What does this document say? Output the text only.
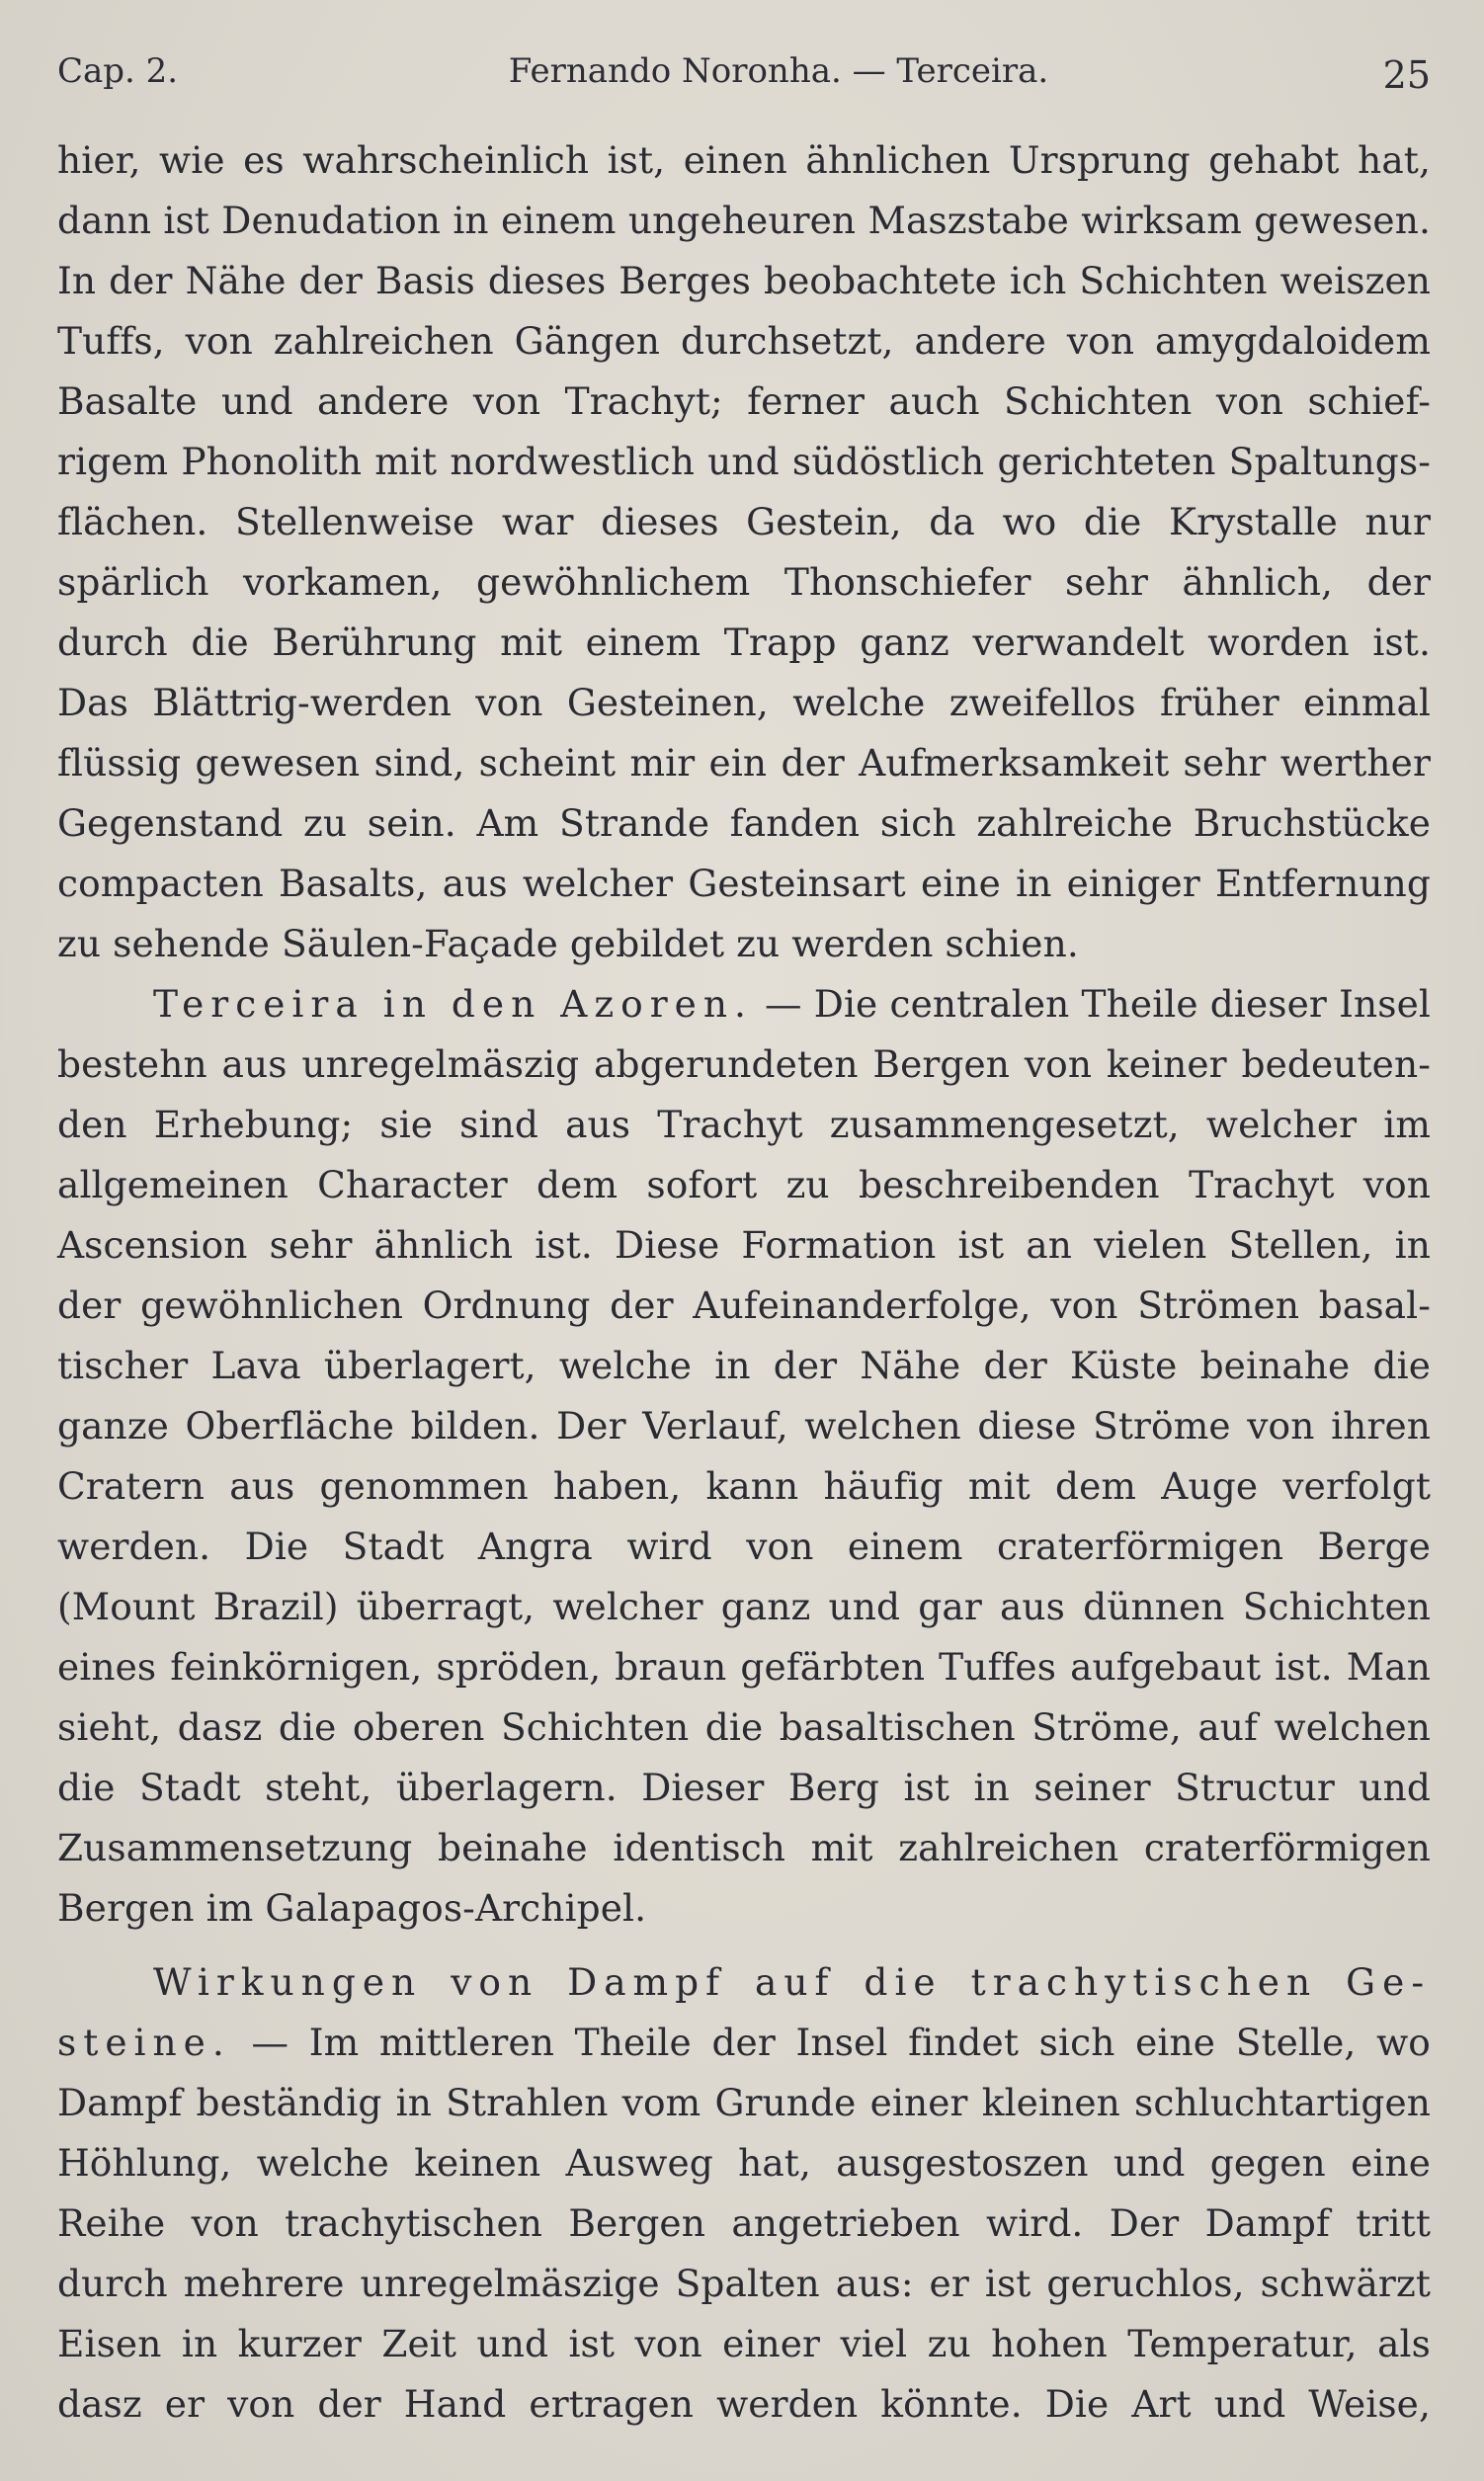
Cap. 2.	Fernando Noronha. — Terceira.	25
hier, wie es wahrscheinlich ist, einen ähnlichen Ursprung gehabt hat,
dann ist Denudation in einem ungeheuren Maszstabe wirksam gewesen.
In der Nähe der Basis dieses Berges beobachtete ich Schichten weiszen
Tuffs, von zahlreichen Gängen durchsetzt, andere von amygdaloidem
Basalte und andere von Trachyt; ferner auch Schichten von schief-
rigem Phonolith mit nordwestlich und südöstlich gerichteten Spaltungs-
flächen. Stellenweise war dieses Gestein, da wo die Krystalle nur
spärlich vorkamen, gewöhnlichem Thonschiefer sehr ähnlich, der
durch die Berührung mit einem Trapp ganz verwandelt worden ist.
Das Blättrig-werden von Gesteinen, welche zweifellos früher einmal
flüssig gewesen sind, scheint mir ein der Aufmerksamkeit sehr werther
Gegenstand zu sein. Am Strande fanden sich zahlreiche Bruchstücke
compacten Basalts, aus welcher Gesteinsart eine in einiger Entfernung
zu sehende Säulen-Façade gebildet zu werden schien.
Terceira in den Azoren. — Die centralen Theile dieser Insel
bestehn aus unregelmäszig abgerundeten Bergen von keiner bedeuten-
den Erhebung; sie sind aus Trachyt zusammengesetzt, welcher im
allgemeinen Character dem sofort zu beschreibenden Trachyt von
Ascension sehr ähnlich ist. Diese Formation ist an vielen Stellen, in
der gewöhnlichen Ordnung der Aufeinanderfolge, von Strömen basal-
tischer Lava überlagert, welche in der Nähe der Küste beinahe die
ganze Oberfläche bilden. Der Verlauf, welchen diese Ströme von ihren
Cratern aus genommen haben, kann häufig mit dem Auge verfolgt
werden. Die Stadt Angra wird von einem craterförmigen Berge
(Mount Brazil) überragt, welcher ganz und gar aus dünnen Schichten
eines feinkörnigen, spröden, braun gefärbten Tuffes aufgebaut ist. Man
sieht, dasz die oberen Schichten die basaltischen Ströme, auf welchen
die Stadt steht, überlagern. Dieser Berg ist in seiner Structur und
Zusammensetzung beinahe identisch mit zahlreichen craterförmigen
Bergen im Galapagos-Archipel.
Wirkungen von Dampf auf die trachytischen Ge-
steine. — Im mittleren Theile der Insel findet sich eine Stelle, wo
Dampf beständig in Strahlen vom Grunde einer kleinen schluchtartigen
Höhlung, welche keinen Ausweg hat, ausgestoszen und gegen eine
Reihe von trachytischen Bergen angetrieben wird. Der Dampf tritt
durch mehrere unregelmäszige Spalten aus: er ist geruchlos, schwärzt
Eisen in kurzer Zeit und ist von einer viel zu hohen Temperatur, als
dasz er von der Hand ertragen werden könnte. Die Art und Weise,
